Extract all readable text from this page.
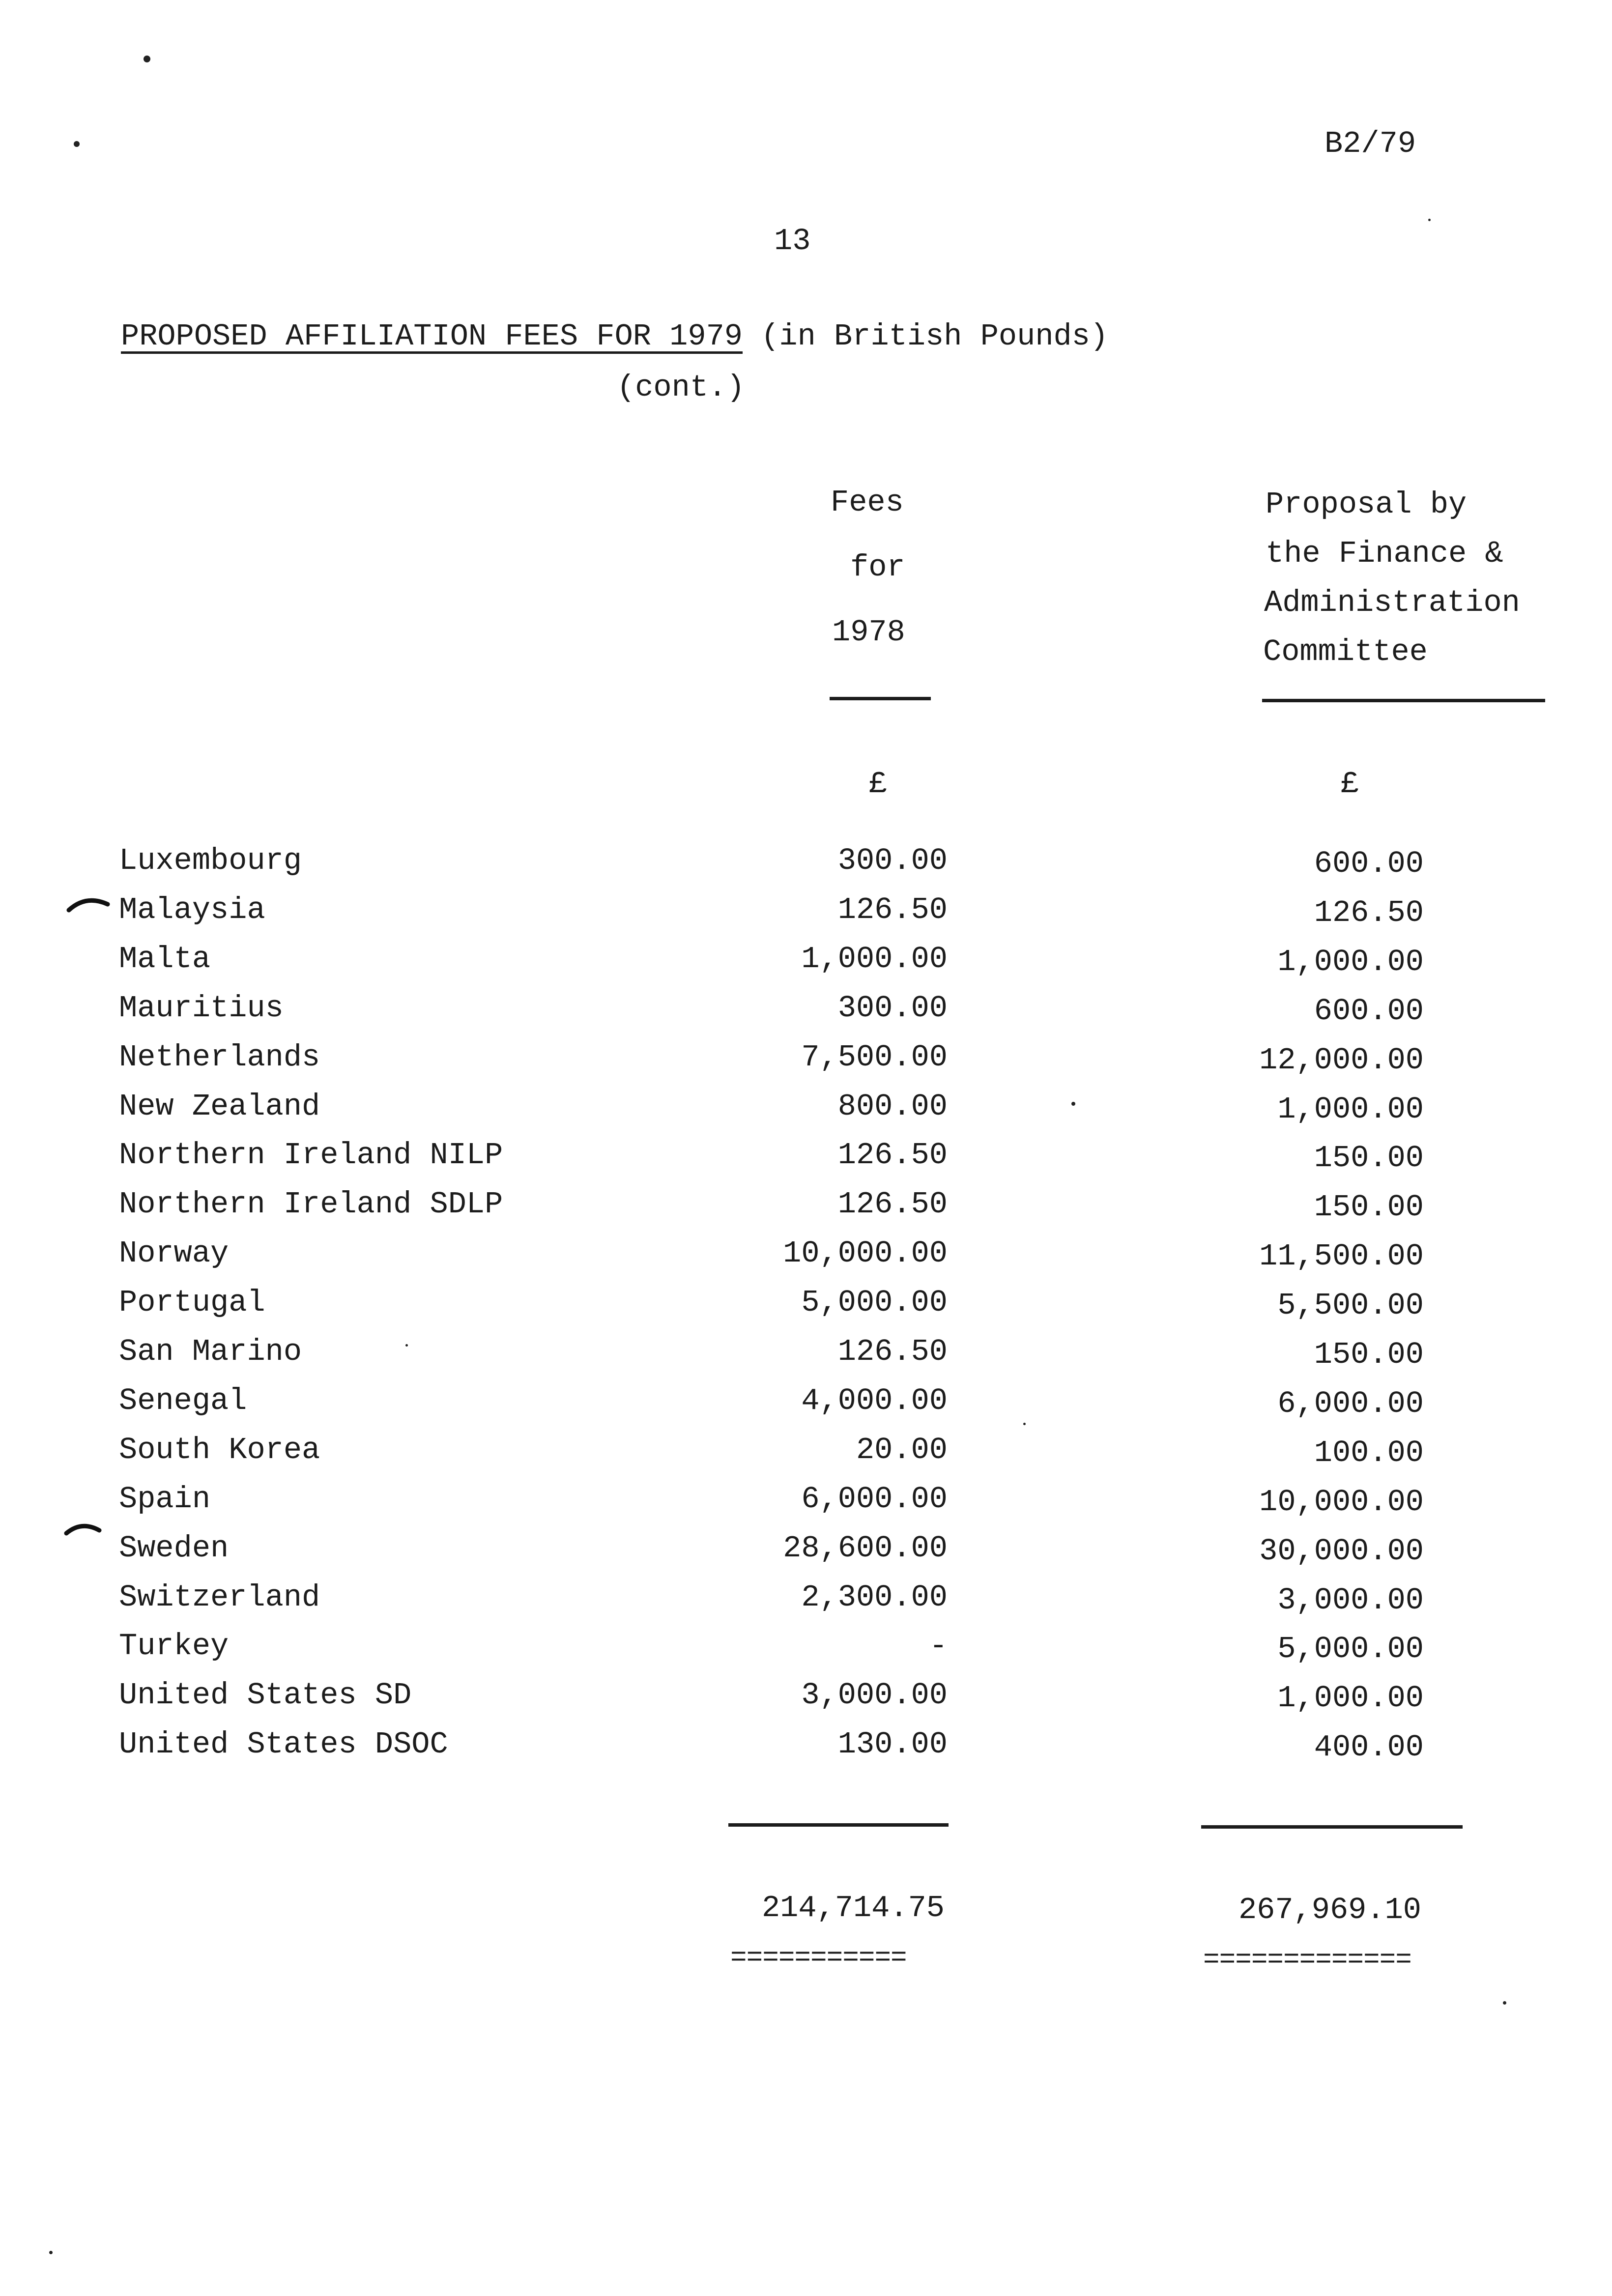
B2/79
13
PROPOSED AFFILIATION FEES FOR 1979 (in British Pounds)
(cont.)
Fees
for
1978
Proposal by
the Finance &
Administration
Committee
£	£
Luxembourg	300.00	600.00
Malaysia	126.50	126.50
Malta	1,000.00	1,000.00
Mauritius	300.00	600.00
Netherlands	7,500.00	12,000.00
New Zealand	800.00	1,000.00
Northern Ireland NILP	126.50	150.00
Northern Ireland SDLP	126.50	150.00
Norway	10,000.00	11,500.00
Portugal	5,000.00	5,500.00
San Marino	126.50	150.00
Senegal	4,000.00	6,000.00
South Korea	20.00	100.00
Spain	6,000.00	10,000.00
Sweden	28,600.00	30,000.00
Switzerland	2,300.00	3,000.00
Turkey	-	5,000.00
United States SD	3,000.00	1,000.00
United States DSOC	130.00	400.00
214,714.75	267,969.10
===========	=============
